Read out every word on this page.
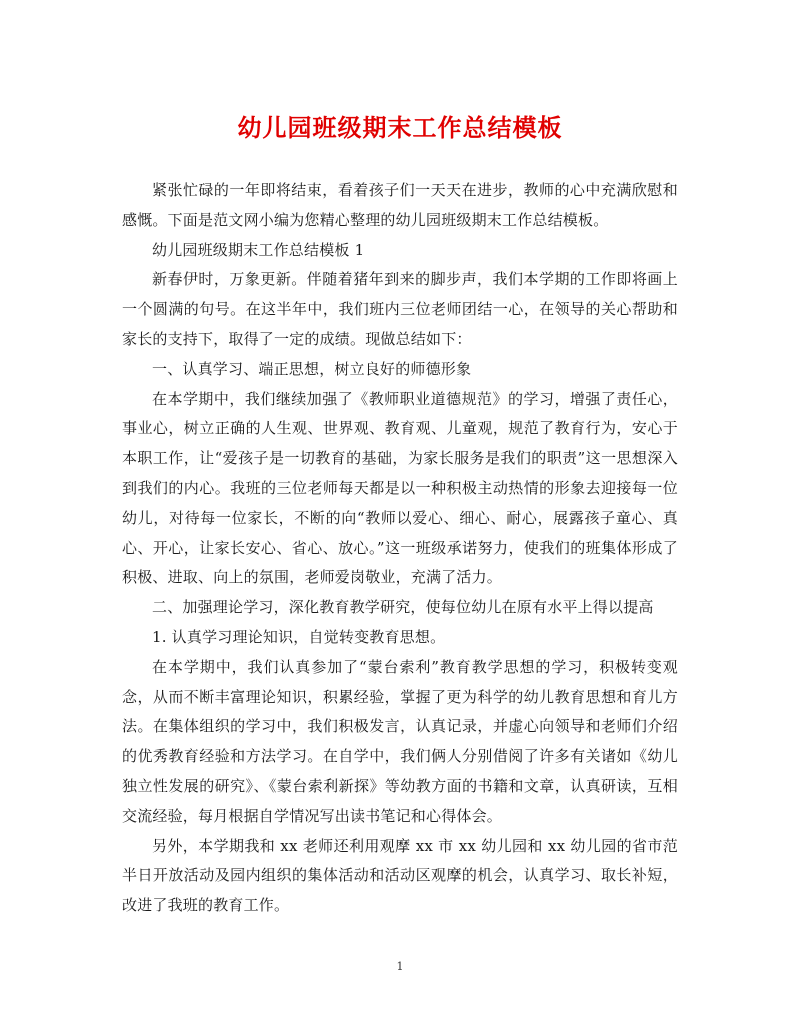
幼儿园班级期末工作总结模板

紧张忙碌的一年即将结束，看着孩子们一天天在进步，教师的心中充满欣慰和感慨。下面是范文网小编为您精心整理的幼儿园班级期末工作总结模板。

幼儿园班级期末工作总结模板 1

新春伊时，万象更新。伴随着猪年到来的脚步声，我们本学期的工作即将画上一个圆满的句号。在这半年中，我们班内三位老师团结一心，在领导的关心帮助和家长的支持下，取得了一定的成绩。现做总结如下：

一、认真学习、端正思想，树立良好的师德形象

在本学期中，我们继续加强了《教师职业道德规范》的学习，增强了责任心，事业心，树立正确的人生观、世界观、教育观、儿童观，规范了教育行为，安心于本职工作，让“爱孩子是一切教育的基础，为家长服务是我们的职责”这一思想深入到我们的内心。我班的三位老师每天都是以一种积极主动热情的形象去迎接每一位幼儿，对待每一位家长，不断的向“教师以爱心、细心、耐心，展露孩子童心、真心、开心，让家长安心、省心、放心。”这一班级承诺努力，使我们的班集体形成了积极、进取、向上的氛围，老师爱岗敬业，充满了活力。

二、加强理论学习，深化教育教学研究，使每位幼儿在原有水平上得以提高

1. 认真学习理论知识，自觉转变教育思想。

在本学期中，我们认真参加了“蒙台索利”教育教学思想的学习，积极转变观念，从而不断丰富理论知识，积累经验，掌握了更为科学的幼儿教育思想和育儿方法。在集体组织的学习中，我们积极发言，认真记录，并虚心向领导和老师们介绍的优秀教育经验和方法学习。在自学中，我们俩人分别借阅了许多有关诸如《幼儿独立性发展的研究》、《蒙台索利新探》等幼教方面的书籍和文章，认真研读，互相交流经验，每月根据自学情况写出读书笔记和心得体会。

另外，本学期我和 xx 老师还利用观摩 xx 市 xx 幼儿园和 xx 幼儿园的省市范半日开放活动及园内组织的集体活动和活动区观摩的机会，认真学习、取长补短，改进了我班的教育工作。

1
